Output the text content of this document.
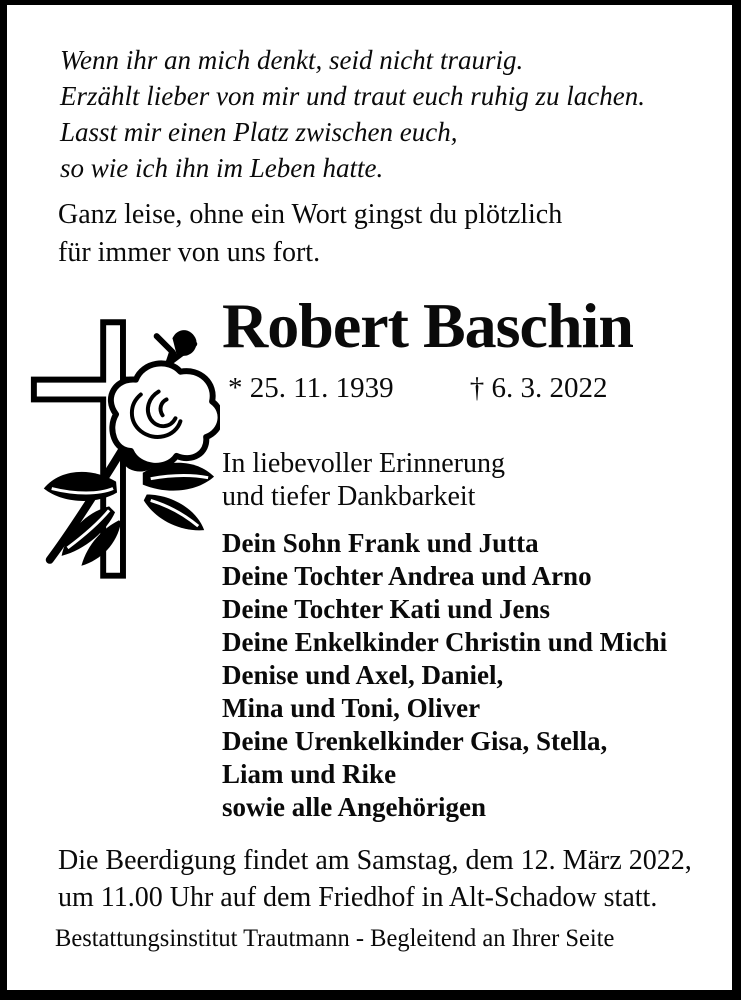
Wenn ihr an mich denkt, seid nicht traurig.
Erzählt lieber von mir und traut euch ruhig zu lachen.
Lasst mir einen Platz zwischen euch,
so wie ich ihn im Leben hatte.
Ganz leise, ohne ein Wort gingst du plötzlich
für immer von uns fort.
Robert Baschin
* 25. 11. 1939	† 6. 3. 2022
In liebevoller Erinnerung
und tiefer Dankbarkeit
Dein Sohn Frank und Jutta
Deine Tochter Andrea und Arno
Deine Tochter Kati und Jens
Deine Enkelkinder Christin und Michi
Denise und Axel, Daniel,
Mina und Toni, Oliver
Deine Urenkelkinder Gisa, Stella,
Liam und Rike
sowie alle Angehörigen
Die Beerdigung findet am Samstag, dem 12. März 2022,
um 11.00 Uhr auf dem Friedhof in Alt-Schadow statt.
Bestattungsinstitut Trautmann - Begleitend an Ihrer Seite
